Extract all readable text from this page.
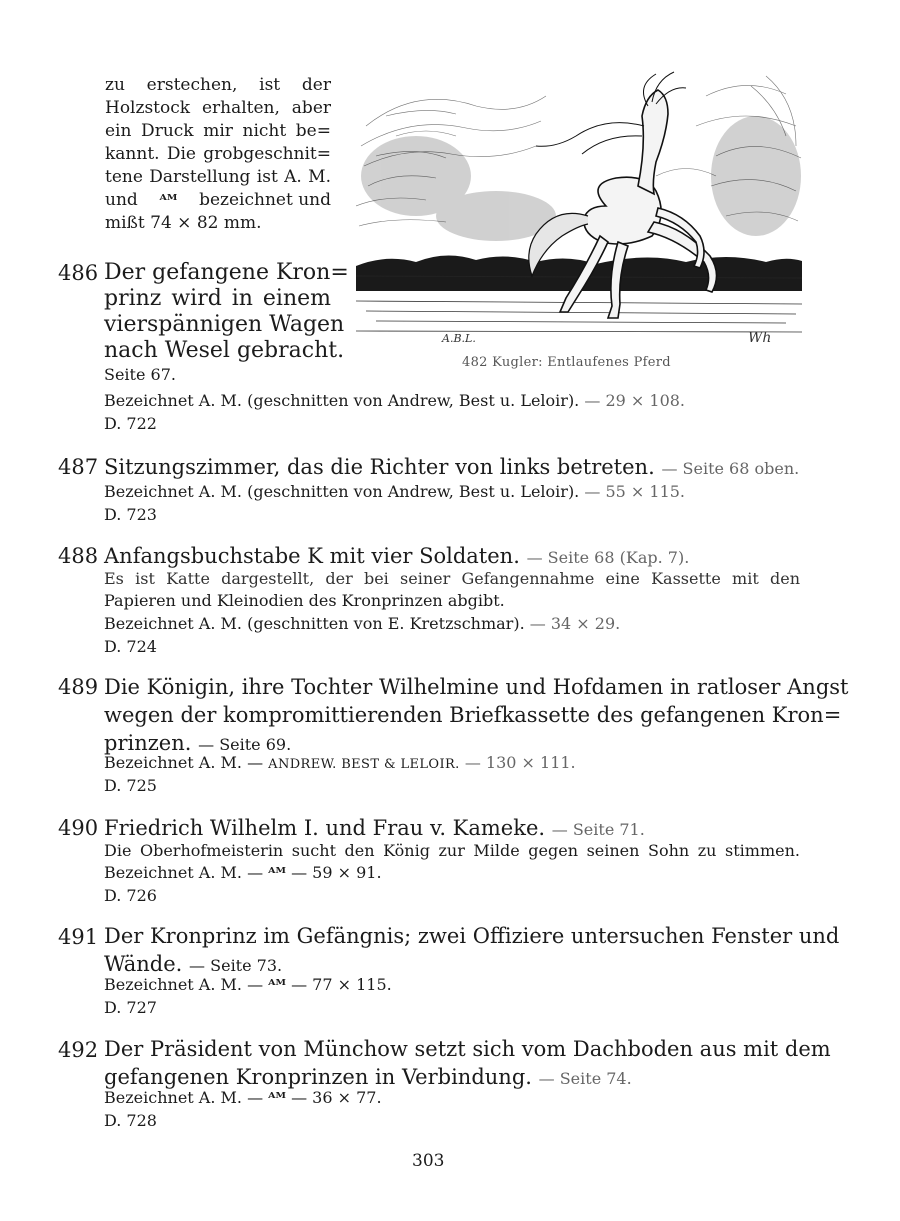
zu erstechen, ist der
Holzstock erhalten, aber
ein Druck mir nicht be=
kannt. Die grobgeschnit=
tene Darstellung ist A. M.
und ᴬᴹ bezeichnet und
mißt 74 × 82 mm.
A.B.L.	Wh
482 Kugler: Entlaufenes Pferd
486 Der gefangene Kron=
prinz wird in einem
vierspännigen Wagen
nach Wesel gebracht.
Seite 67.
Bezeichnet A. M. (geschnitten von Andrew, Best u. Leloir). — 29 × 108.
D. 722
487 Sitzungszimmer, das die Richter von links betreten. — Seite 68 oben.
Bezeichnet A. M. (geschnitten von Andrew, Best u. Leloir). — 55 × 115.
D. 723
488 Anfangsbuchstabe K mit vier Soldaten. — Seite 68 (Kap. 7).
Es ist Katte dargestellt, der bei seiner Gefangennahme eine Kassette mit den
Papieren und Kleinodien des Kronprinzen abgibt.
Bezeichnet A. M. (geschnitten von E. Kretzschmar). — 34 × 29.
D. 724
489 Die Königin, ihre Tochter Wilhelmine und Hofdamen in ratloser Angst
wegen der kompromittierenden Briefkassette des gefangenen Kron=
prinzen. — Seite 69.
Bezeichnet A. M. — ANDREW. BEST & LELOIR. — 130 × 111.
D. 725
490 Friedrich Wilhelm I. und Frau v. Kameke. — Seite 71.
Die Oberhofmeisterin sucht den König zur Milde gegen seinen Sohn zu stimmen.
Bezeichnet A. M. — ᴬᴹ — 59 × 91.
D. 726
491 Der Kronprinz im Gefängnis; zwei Offiziere untersuchen Fenster und
Wände. — Seite 73.
Bezeichnet A. M. — ᴬᴹ — 77 × 115.
D. 727
492 Der Präsident von Münchow setzt sich vom Dachboden aus mit dem
gefangenen Kronprinzen in Verbindung. — Seite 74.
Bezeichnet A. M. — ᴬᴹ — 36 × 77.
D. 728
303
